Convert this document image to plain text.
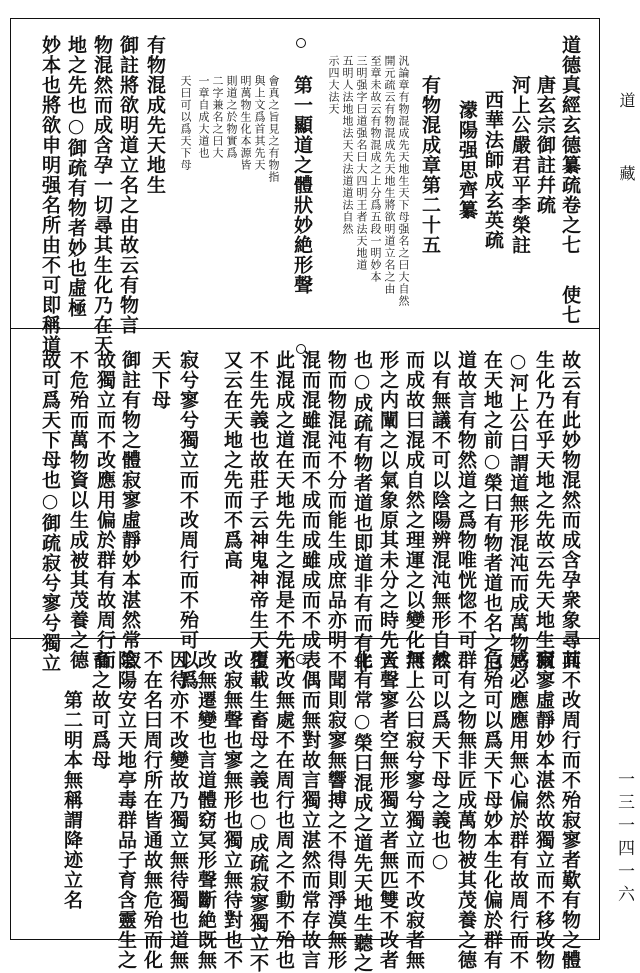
道
藏
一三一四一六
道德真經玄德纂疏卷之七
唐玄宗御註幷疏
河上公嚴君平李榮註
西華法師成玄英疏
濛陽强思齊纂
使七
有物混成章第二十五
汎論章有物混成先天地生天下母强名之曰大自然
開元疏云有物混成先天地生將欲明道立名之由
至章未故云有物混成之上分爲五段一明妙本
三明强字曰道强名曰大四明王者法天地道
五明人法地地法天天法道道法自然
示四大法天
第一顯道之體狀妙絶形聲
會真之旨見之有物指
與上文爲首其先天
明萬物生化本源皆
則道之於物實爲
二字兼名之曰大
一章自成大道也
天曰可以爲天下母
有物混成先天地生
御註將欲明道立名之由故云有物言
物混然而成含孕一切尋其生化乃在天
地之先也○御疏有物者妙也虛極
妙本也將欲申明强名所由不可即稱道
故云有此妙物混然而成含孕衆象尋其
生化乃在乎天地之先故云先天地生爾
○河上公曰謂道無形混沌而成萬物乃
在天地之前○榮曰有物者道也名之曰
道故言有物然道之爲物唯恍惚不可
以有無議不可以陰陽辨混沌無形自然
而成故曰混成自然之理運之以變化無
形之内闡之以氣象原其未分之時先天
也○成疏有物者道也即道非有而有非
物而物混沌不分而能生成庶品亦明
混而混雖混而不成而成雖成而不成
此混成之道在天地先生之混是不先光
不生先義也故莊子云神鬼神帝生天生
又云在天地之先而不爲高
寂兮寥兮獨立而不改周行而不殆可以爲
天下母
御註有物之體寂寥虛靜妙本湛然常寂
故獨立而不改應用偏於群有故周行而
不危殆而萬物資以生成被其茂養之德
故可爲天下母也○御疏寂兮寥兮獨立
而不改周行而不殆寂寥者歎有物之體
寂寥虛靜妙本湛然故獨立而不移改物
感必應應用無心偏於群有故周行而不
危殆可以爲天下母妙本生化偏於群有
群有之物無非匠成萬物被其茂養之德
故可以爲天下母之義也○
河上公曰寂兮寥兮獨立而不改寂者無
音聲寥者空無形獨立者無匹雙不改者
化有常○榮曰混成之道先天地生聽之
不聞則寂寥無響搏之不得則淨漠無形
表偶而無對故言獨立湛然而常存故言
不改無處不在周行也周之不動不殆也
覆載生畜母之義也○成疏寂寥獨立不
改寂無聲也寥無形也獨立無待對也不
改無遷變也言道體窈冥形聲斷絶既無
因待亦不改變故乃獨立無待獨也道無
不在名曰周行所在皆通故無危殆而化
陰陽安立天地亭毒群品子育含靈生之
畜之故可爲母
第二明本無稱謂降迹立名
